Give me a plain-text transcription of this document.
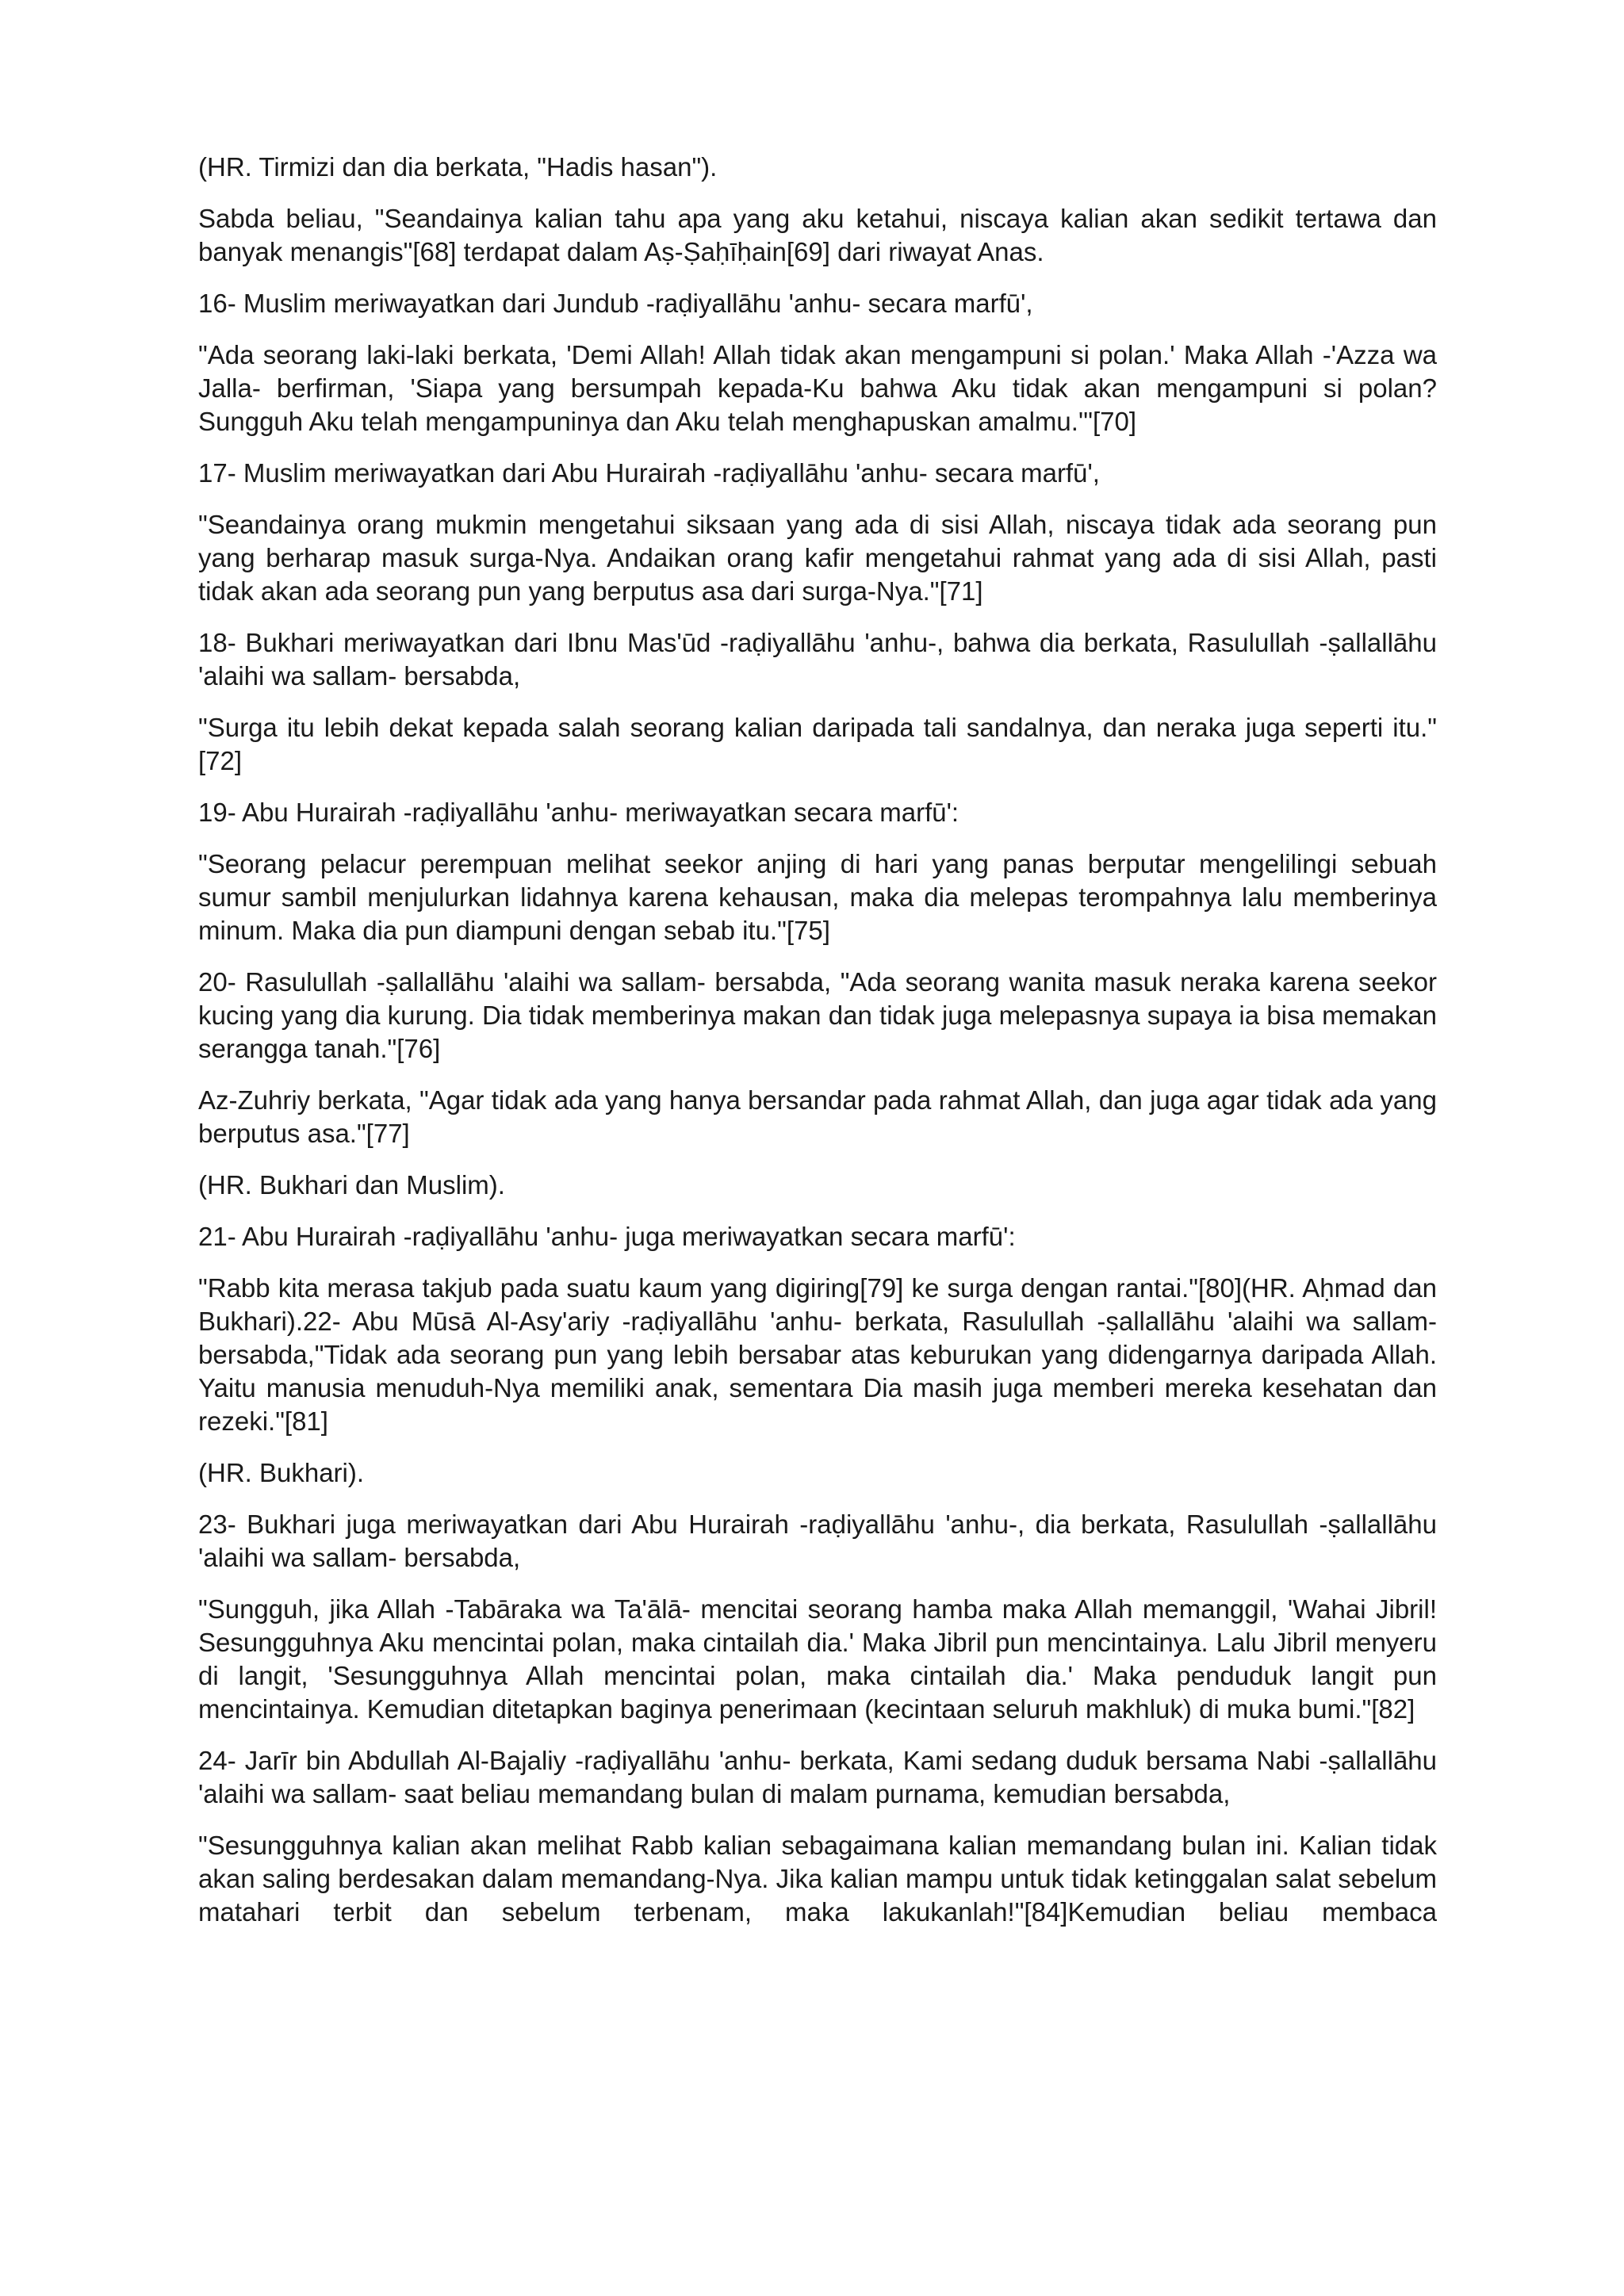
(HR. Tirmizi dan dia berkata, "Hadis hasan").

Sabda beliau, "Seandainya kalian tahu apa yang aku ketahui, niscaya kalian akan sedikit tertawa dan banyak menangis"[68] terdapat dalam Aṣ-Ṣaḥīḥain[69] dari riwayat Anas.

16- Muslim meriwayatkan dari Jundub -raḍiyallāhu 'anhu- secara marfū',

"Ada seorang laki-laki berkata, 'Demi Allah! Allah tidak akan mengampuni si polan.' Maka Allah -'Azza wa Jalla- berfirman, 'Siapa yang bersumpah kepada-Ku bahwa Aku tidak akan mengampuni si polan? Sungguh Aku telah mengampuninya dan Aku telah menghapuskan amalmu.'"[70]

17- Muslim meriwayatkan dari Abu Hurairah -raḍiyallāhu 'anhu- secara marfū',

"Seandainya orang mukmin mengetahui siksaan yang ada di sisi Allah, niscaya tidak ada seorang pun yang berharap masuk surga-Nya. Andaikan orang kafir mengetahui rahmat yang ada di sisi Allah, pasti tidak akan ada seorang pun yang berputus asa dari surga-Nya."[71]

18- Bukhari meriwayatkan dari Ibnu Mas'ūd -raḍiyallāhu 'anhu-, bahwa dia berkata, Rasulullah -ṣallallāhu 'alaihi wa sallam- bersabda,

"Surga itu lebih dekat kepada salah seorang kalian daripada tali sandalnya, dan neraka juga seperti itu."[72]

19- Abu Hurairah -raḍiyallāhu 'anhu- meriwayatkan secara marfū':

"Seorang pelacur perempuan melihat seekor anjing di hari yang panas berputar mengelilingi sebuah sumur sambil menjulurkan lidahnya karena kehausan, maka dia melepas terompahnya lalu memberinya minum. Maka dia pun diampuni dengan sebab itu."[75]

20- Rasulullah -ṣallallāhu 'alaihi wa sallam- bersabda, "Ada seorang wanita masuk neraka karena seekor kucing yang dia kurung. Dia tidak memberinya makan dan tidak juga melepasnya supaya ia bisa memakan serangga tanah."[76]

Az-Zuhriy berkata, "Agar tidak ada yang hanya bersandar pada rahmat Allah, dan juga agar tidak ada yang berputus asa."[77]

(HR. Bukhari dan Muslim).

21- Abu Hurairah -raḍiyallāhu 'anhu- juga meriwayatkan secara marfū':

"Rabb kita merasa takjub pada suatu kaum yang digiring[79] ke surga dengan rantai."[80](HR. Aḥmad dan Bukhari).22- Abu Mūsā Al-Asy'ariy -raḍiyallāhu 'anhu- berkata, Rasulullah -ṣallallāhu 'alaihi wa sallam- bersabda,"Tidak ada seorang pun yang lebih bersabar atas keburukan yang didengarnya daripada Allah. Yaitu manusia menuduh-Nya memiliki anak, sementara Dia masih juga memberi mereka kesehatan dan rezeki."[81]

(HR. Bukhari).

23- Bukhari juga meriwayatkan dari Abu Hurairah -raḍiyallāhu 'anhu-, dia berkata, Rasulullah -ṣallallāhu 'alaihi wa sallam- bersabda,

"Sungguh, jika Allah -Tabāraka wa Ta'ālā- mencitai seorang hamba maka Allah memanggil, 'Wahai Jibril! Sesungguhnya Aku mencintai polan, maka cintailah dia.' Maka Jibril pun mencintainya. Lalu Jibril menyeru di langit, 'Sesungguhnya Allah mencintai polan, maka cintailah dia.' Maka penduduk langit pun mencintainya. Kemudian ditetapkan baginya penerimaan (kecintaan seluruh makhluk) di muka bumi."[82]

24- Jarīr bin Abdullah Al-Bajaliy -raḍiyallāhu 'anhu- berkata, Kami sedang duduk bersama Nabi -ṣallallāhu 'alaihi wa sallam- saat beliau memandang bulan di malam purnama, kemudian bersabda,

"Sesungguhnya kalian akan melihat Rabb kalian sebagaimana kalian memandang bulan ini. Kalian tidak akan saling berdesakan dalam memandang-Nya. Jika kalian mampu untuk tidak ketinggalan salat sebelum matahari terbit dan sebelum terbenam, maka lakukanlah!"[84]Kemudian beliau membaca
